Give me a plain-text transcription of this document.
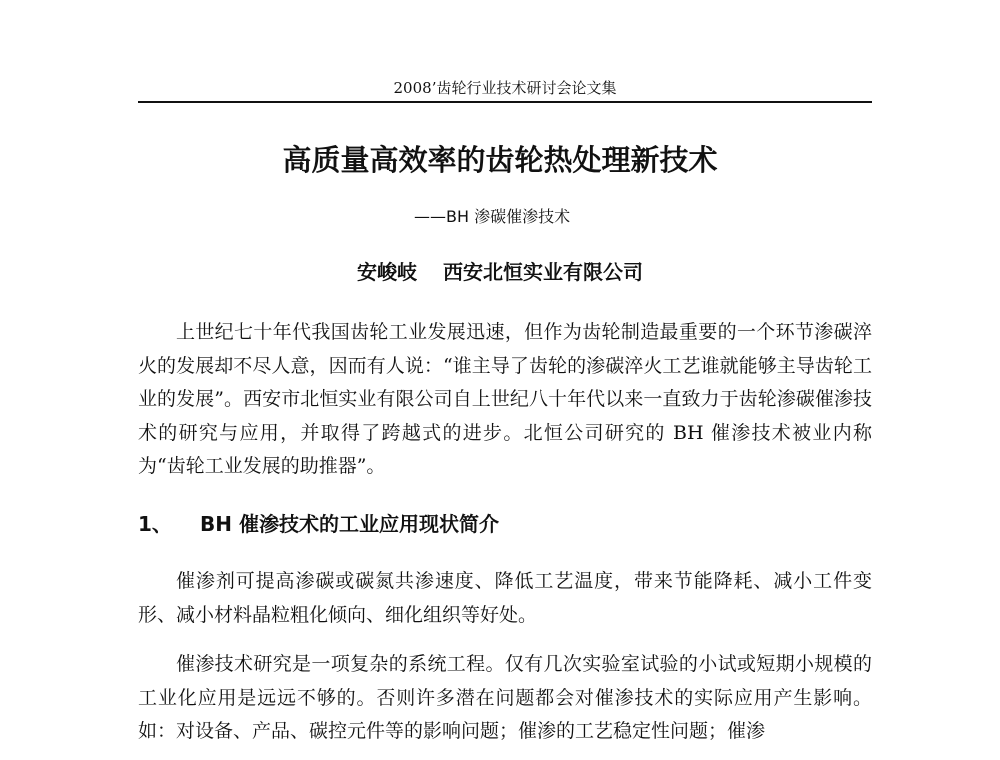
2008’齿轮行业技术研讨会论文集
高质量高效率的齿轮热处理新技术
——BH 渗碳催渗技术
安峻岐 西安北恒实业有限公司

上世纪七十年代我国齿轮工业发展迅速，但作为齿轮制造最重要的一个环节渗碳淬火的发展却不尽人意，因而有人说：“谁主导了齿轮的渗碳淬火工艺谁就能够主导齿轮工业的发展”。西安市北恒实业有限公司自上世纪八十年代以来一直致力于齿轮渗碳催渗技术的研究与应用，并取得了跨越式的进步。北恒公司研究的 BH 催渗技术被业内称为“齿轮工业发展的助推器”。

1、 BH 催渗技术的工业应用现状简介

催渗剂可提高渗碳或碳氮共渗速度、降低工艺温度，带来节能降耗、减小工件变形、减小材料晶粒粗化倾向、细化组织等好处。

催渗技术研究是一项复杂的系统工程。仅有几次实验室试验的小试或短期小规模的工业化应用是远远不够的。否则许多潜在问题都会对催渗技术的实际应用产生影响。如：对设备、产品、碳控元件等的影响问题；催渗的工艺稳定性问题；催渗
